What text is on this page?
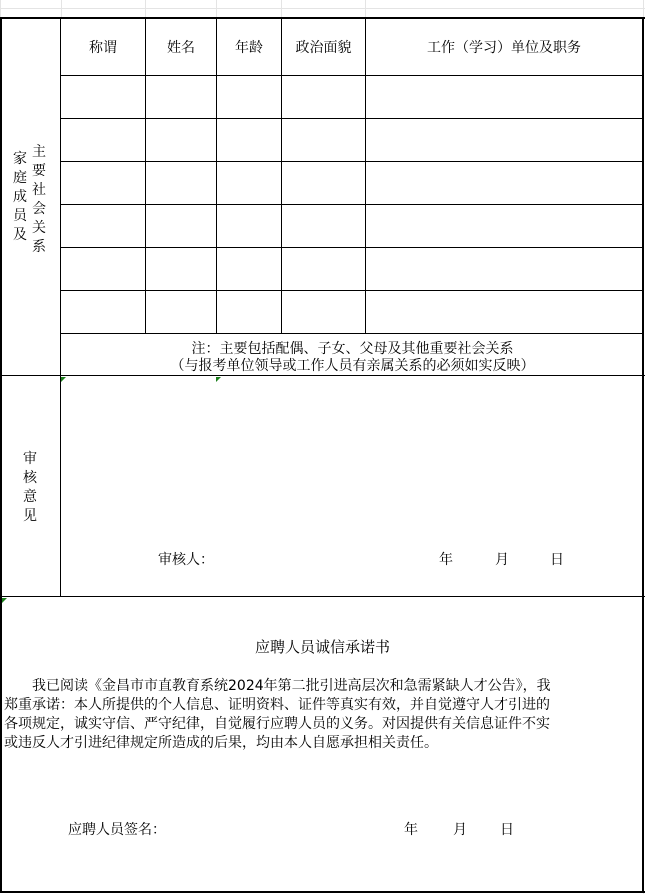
家
庭
成
员
及
主
要
社
会
关
系
称谓	姓名	年龄	政治面貌	工作（学习）单位及职务
注：主要包括配偶、子女、父母及其他重要社会关系
（与报考单位领导或工作人员有亲属关系的必须如实反映）
审
核
意
见
审核人：	年	月	日
应聘人员诚信承诺书
　　我已阅读《金昌市市直教育系统2024年第二批引进高层次和急需紧缺人才公告》，我
郑重承诺：本人所提供的个人信息、证明资料、证件等真实有效，并自觉遵守人才引进的
各项规定，诚实守信、严守纪律，自觉履行应聘人员的义务。对因提供有关信息证件不实
或违反人才引进纪律规定所造成的后果，均由本人自愿承担相关责任。
应聘人员签名：	年	月 日
